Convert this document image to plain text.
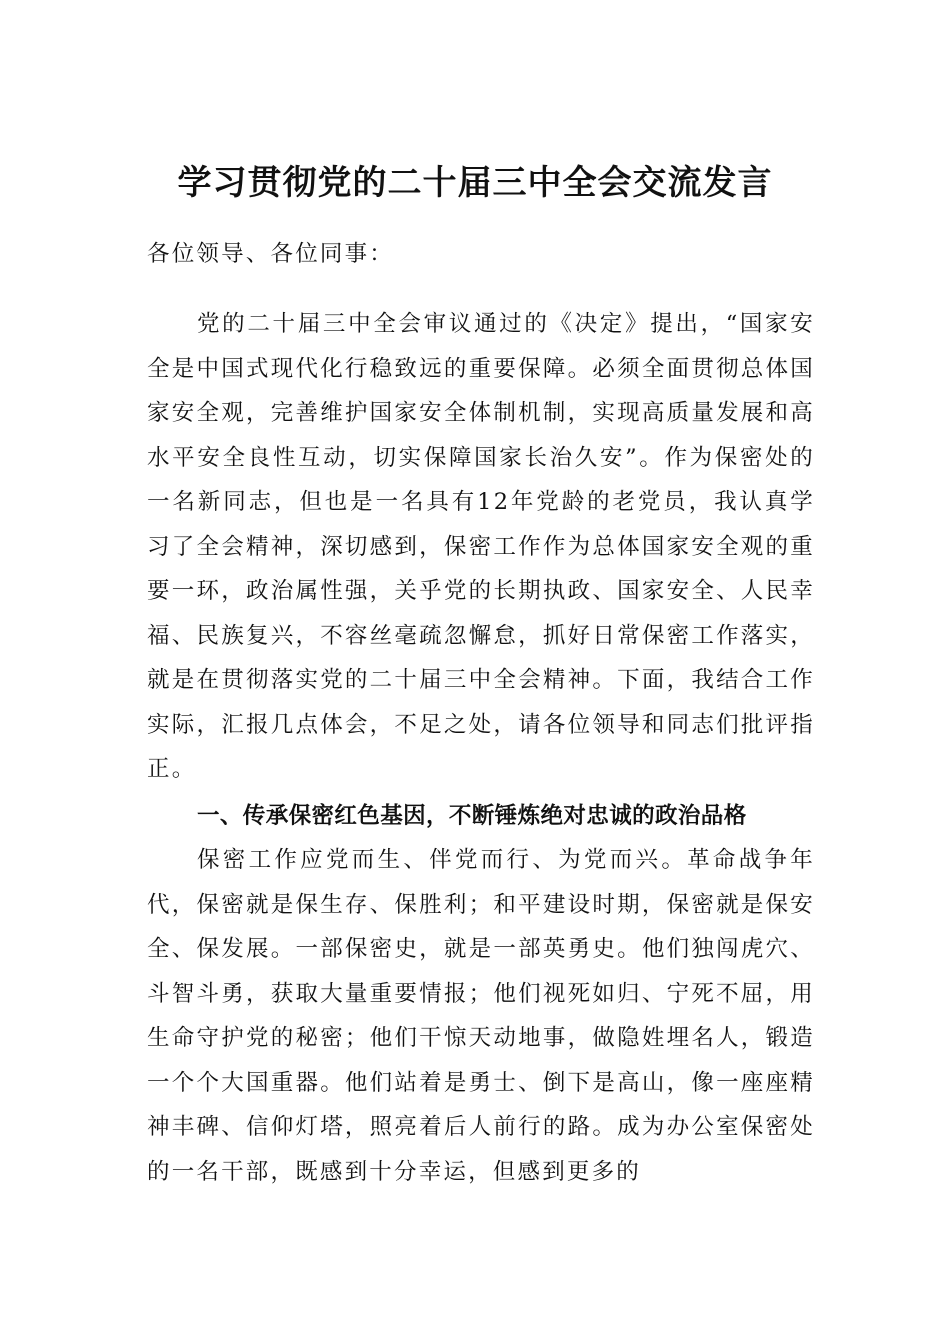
学习贯彻党的二十届三中全会交流发言

各位领导、各位同事：

党的二十届三中全会审议通过的《决定》提出，“国家安全是中国式现代化行稳致远的重要保障。必须全面贯彻总体国家安全观，完善维护国家安全体制机制，实现高质量发展和高水平安全良性互动，切实保障国家长治久安”。作为保密处的一名新同志，但也是一名具有12年党龄的老党员，我认真学习了全会精神，深切感到，保密工作作为总体国家安全观的重要一环，政治属性强，关乎党的长期执政、国家安全、人民幸福、民族复兴，不容丝毫疏忽懈怠，抓好日常保密工作落实，就是在贯彻落实党的二十届三中全会精神。下面，我结合工作实际，汇报几点体会，不足之处，请各位领导和同志们批评指正。

一、传承保密红色基因，不断锤炼绝对忠诚的政治品格

保密工作应党而生、伴党而行、为党而兴。革命战争年代，保密就是保生存、保胜利；和平建设时期，保密就是保安全、保发展。一部保密史，就是一部英勇史。他们独闯虎穴、斗智斗勇，获取大量重要情报；他们视死如归、宁死不屈，用生命守护党的秘密；他们干惊天动地事，做隐姓埋名人，锻造一个个大国重器。他们站着是勇士、倒下是高山，像一座座精神丰碑、信仰灯塔，照亮着后人前行的路。成为办公室保密处的一名干部，既感到十分幸运，但感到更多的
